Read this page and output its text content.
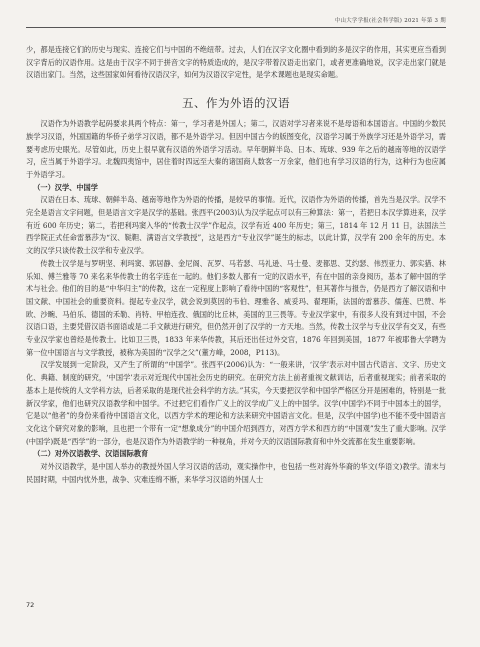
中山大学学报(社会科学版) 2021 年第 3 期

少，都是连接它们的历史与现实、连接它们与中国的不绝纽带。过去，人们在汉字文化圈中看到的多是汉字的作用，其实更应当看到汉字背后的汉语作用。这是由于汉字不同于拼音文字的特质造成的，是汉字带着汉语走出家门，或者更准确地说，汉字走出家门就是汉语出家门。当然，这些国家如何看待汉语汉字，如何为汉语汉字定性，是学术课题也是现实命题。

五、作为外语的汉语

汉语作为外语教学起码要求具两个特点：第一，学习者是外国人；第二，汉语对学习者来说不是母语和本国语言。中国的少数民族学习汉语，外国国籍的华侨子弟学习汉语，都不是外语学习。但因中国古今的版图变化，汉语学习属于外族学习还是外语学习，需要考虑历史眼光。尽管如此，历史上很早就有汉语的外语学习活动。早年朝鲜半岛、日本、琉球、939 年之后的越南等地的汉语学习，应当属于外语学习。北魏四夷馆中，居住着时四远至大秦的诸国商人数客一万余家，他们也有学习汉语的行为，这种行为也应属于外语学习。

（一）汉学、中国学

汉语在日本、琉球、朝鲜半岛、越南等地作为外语的传播，是较早的事情。近代，汉语作为外语的传播，首先当是汉学。汉学不完全是语言文字问题，但是语言文字是汉学的基础。张西平(2003)认为汉学起点可以有三种算法：第一，若把日本汉学算进来，汉学有近 600 年历史；第二，若把利玛窦入华的“传教士汉学”作起点，汉学有近 400 年历史；第三，1814 年 12 月 11 日，法国法兰西学院正式任命雷慕莎为“汉、鞑靼、满语言文学教授”，这是西方“专业汉学”诞生的标志，以此计算，汉学有 200 余年的历史。本文的汉学只谈传教士汉学和专业汉学。

传教士汉学是与罗明坚、利玛窦、郭居静、金尼阁、瓦罗、马若瑟、马礼逊、马士曼、麦都思、艾约瑟、伟烈亚力、郭实猎、林乐知、傅兰雅等 70 来名来华传教士的名字连在一起的。他们多数人都有一定的汉语水平，有在中国的亲身阅历，基本了解中国的学术与社会。他们的目的是“中华归主”的传教，这在一定程度上影响了看待中国的“客观性”，但其著作与报告，仍是西方了解汉语和中国文献、中国社会的重要资料。提起专业汉学，就会说到莫因的韦伯、理雅各、威妥玛、翟理斯，法国的雷慕莎、儒莲、巴赞、毕欧、沙畹、马伯乐、德国的禾勒、肖特、甲柏连孜、俄国的比丘林，美国的卫三畏等。专业汉学家中，有很多人没有到过中国，不会汉语口语，主要凭借汉语书面语或是二手文献进行研究，但仍然开创了汉学的一方天地。当然，传教士汉学与专业汉学有交叉，有些专业汉学家也曾经是传教士。比如卫三畏，1833 年来华传教，其后还出任过外交官，1876 年回到美国，1877 年被耶鲁大学聘为第一位中国语言与文学教授，被称为美国的“汉学之父”(董方峰，2008，P113)。

汉学发展到一定阶段，又产生了所谓的“中国学”。张西平(2006)认为：“一般来讲，‘汉学’表示对中国古代语言、文字、历史文化、典籍、制度的研究，‘中国学’表示对近现代中国社会历史的研究。在研究方法上前者重视文献训诂，后者重视现实；前者采取的基本上是传统的人文学科方法，后者采取的是现代社会科学的方法。”其实，今天要把汉学和中国学严格区分开是困难的，特别是一批新汉学家，他们也研究汉语教学和中国学。不过把它们看作广义上的汉学成广义上的中国学。汉学(中国学)不同于中国本土的国学，它是以“他者”的身份来看待中国语言文化，以西方学术的理论和方法来研究中国语言文化。但是，汉学(中国学)也不能不受中国语言文化这个研究对象的影响，且也把一个带有一定“想象成分”的中国介绍到西方，对西方学术和西方的“中国观”发生了重大影响。汉学(中国学)既是“西学”的一部分，也是汉语作为外语教学的一种视角，并对今天的汉语国际教育和中外交流都在发生重要影响。

（二）对外汉语教学、汉语国际教育

对外汉语教学，是中国人举办的教授外国人学习汉语的活动，观实操作中，也包括一些对海外华裔的华文(华语文)教学。清末与民国时期，中国内忧外患，战争、灾难连绵不断，来华学习汉语的外国人士

72
